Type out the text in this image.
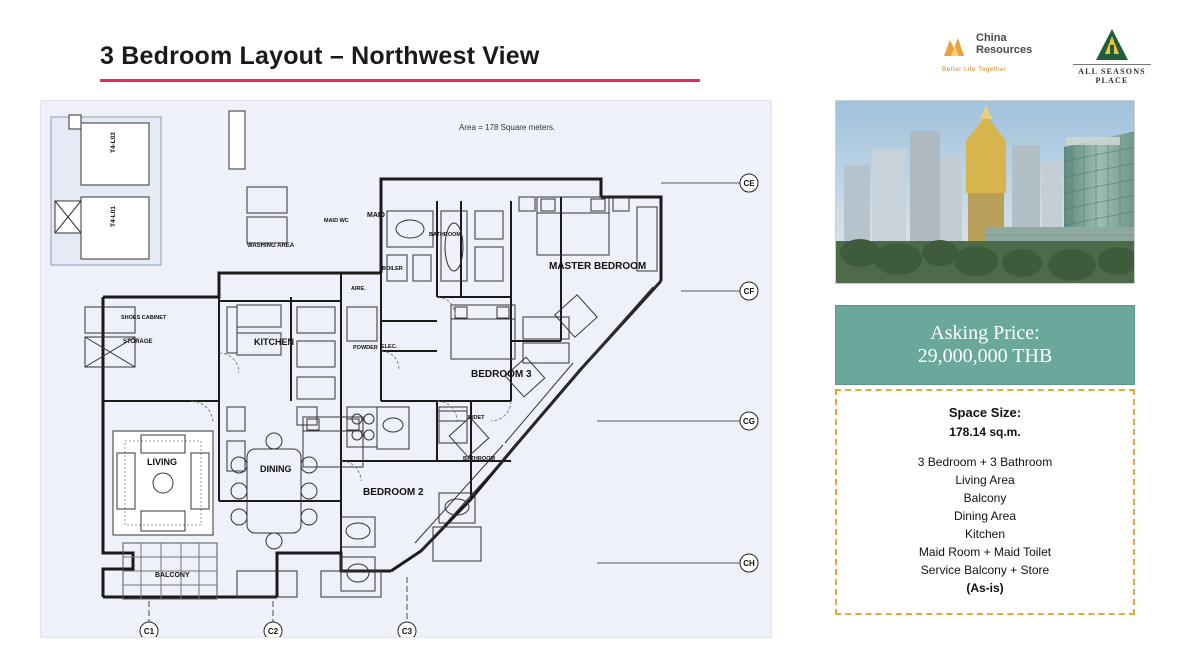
3 Bedroom Layout – Northwest View
China
Resources
Better Life Together	ALL SEASONS PLACE
Area = 178 Square meters.
CE
CF
CG
CH
C1	C2	C3
MASTER BEDROOM
BEDROOM 3
BEDROOM 2
KITCHEN
LIVING
DINING
BALCONY
MAID
WASHING AREA
STORAGE
SHOES CABINET
BATHROOM
BATHROOM
POWDER
BOILER
ELEC.
AIRE.
MAID WC
BIDET
T4-L02
T4-L01
Asking Price:
29,000,000 THB
Space Size:
178.14 sq.m.
3 Bedroom + 3 Bathroom
Living Area
Balcony
Dining Area
Kitchen
Maid Room + Maid Toilet
Service Balcony + Store
(As-is)
